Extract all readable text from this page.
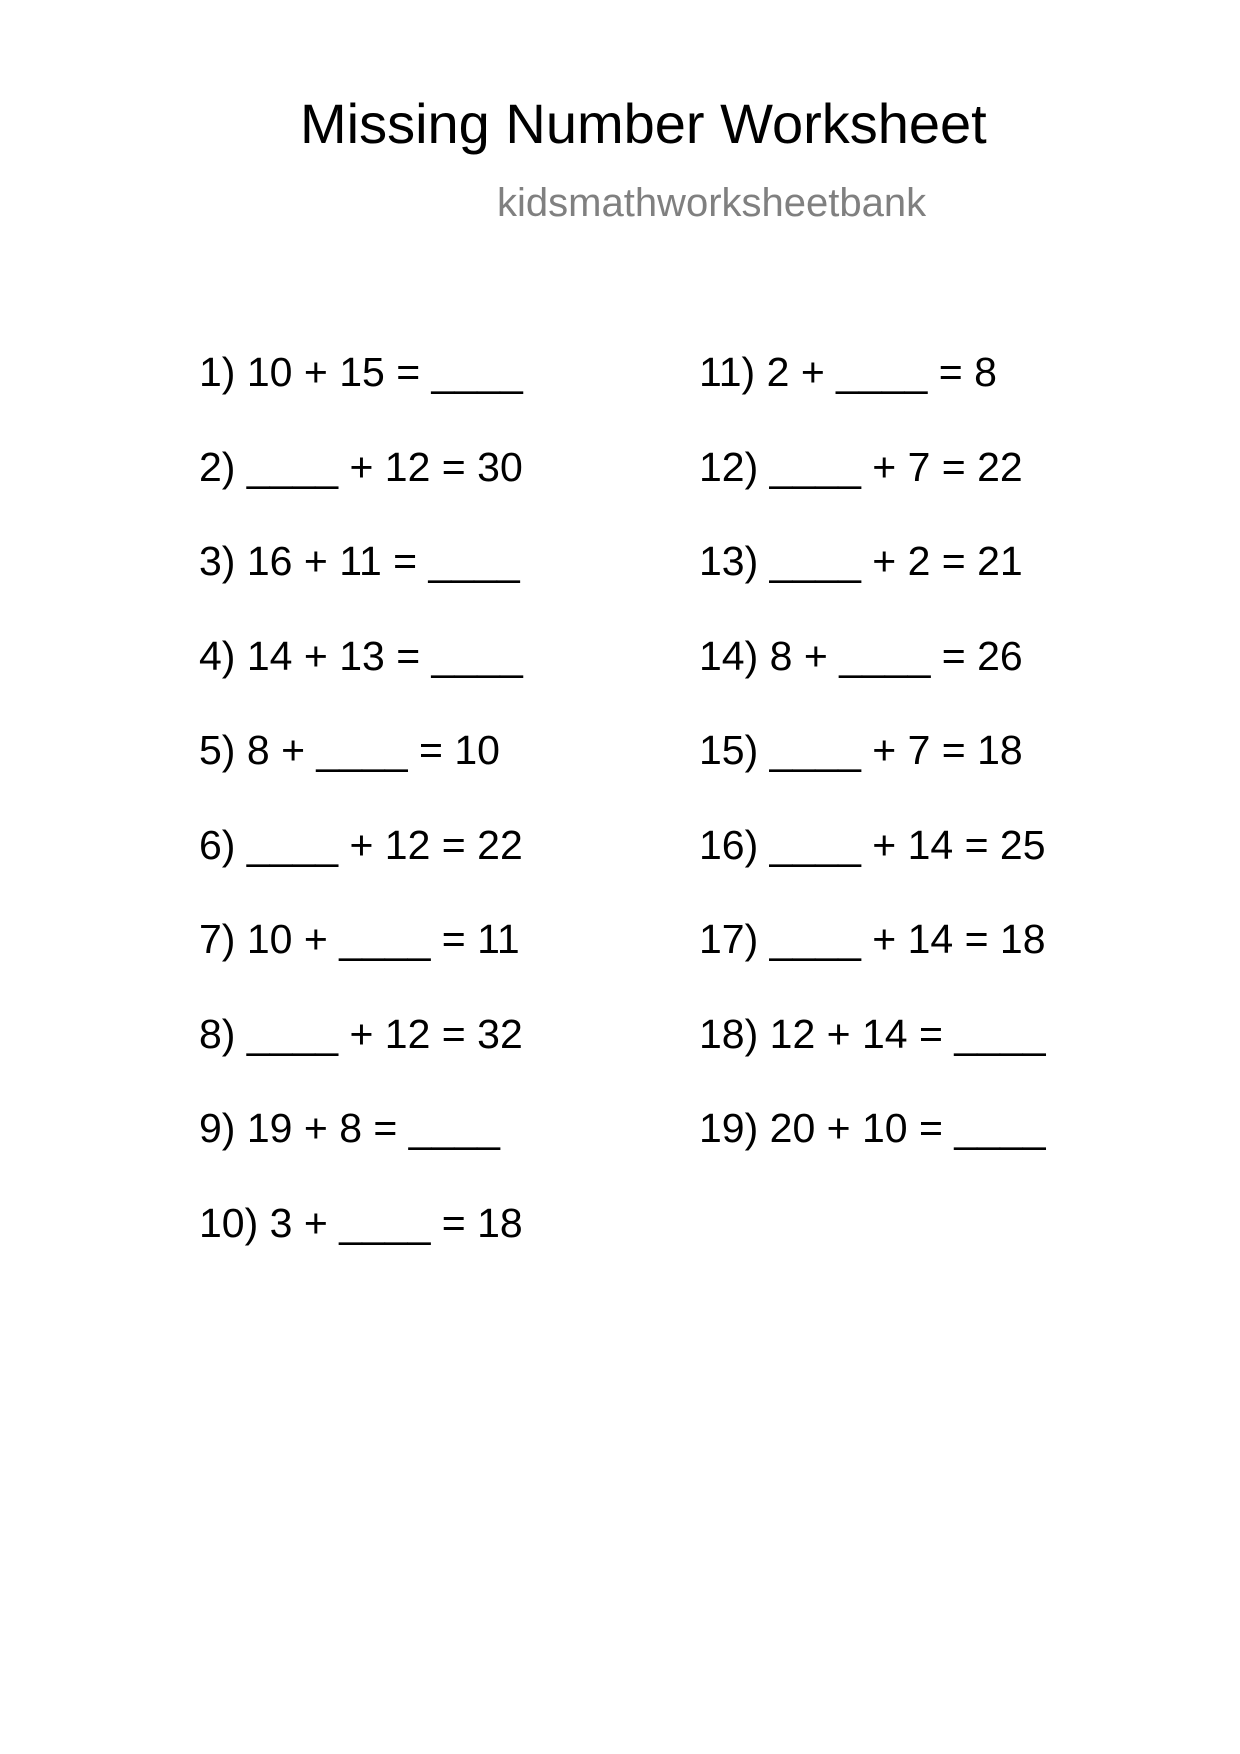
Missing Number Worksheet
kidsmathworksheetbank
1) 10 + 15 = ____
2) ____ + 12 = 30
3) 16 + 11 = ____
4) 14 + 13 = ____
5) 8 + ____ = 10
6) ____ + 12 = 22
7) 10 + ____ = 11
8) ____ + 12 = 32
9) 19 + 8 = ____
10) 3 + ____ = 18
11) 2 + ____ = 8
12) ____ + 7 = 22
13) ____ + 2 = 21
14) 8 + ____ = 26
15) ____ + 7 = 18
16) ____ + 14 = 25
17) ____ + 14 = 18
18) 12 + 14 = ____
19) 20 + 10 = ____
